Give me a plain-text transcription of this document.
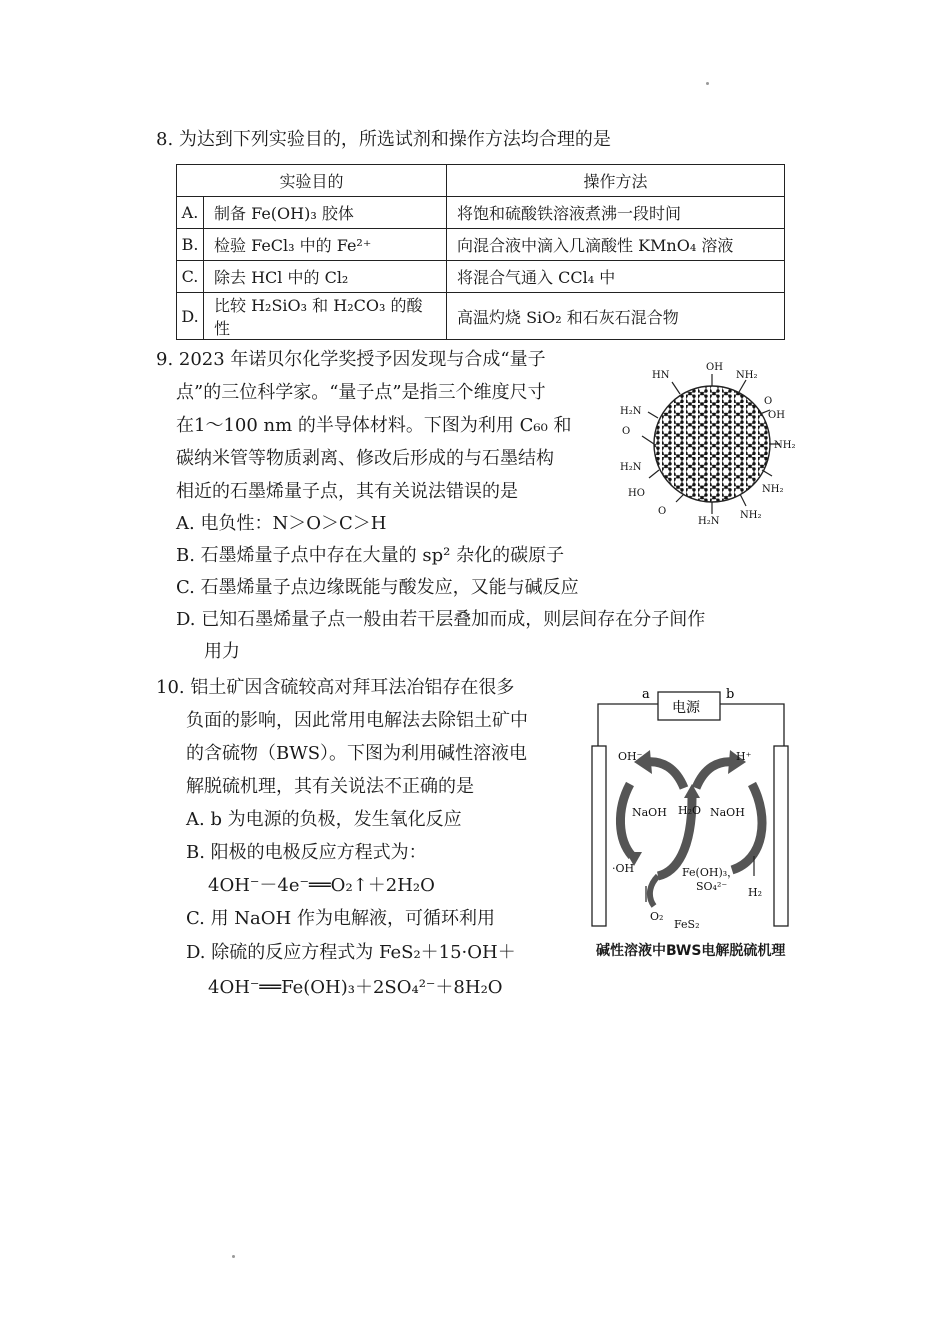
8. 为达到下列实验目的，所选试剂和操作方法均合理的是
实验目的		操作方法
A.	制备 Fe(OH)₃ 胶体	将饱和硫酸铁溶液煮沸一段时间
B.	检验 FeCl₃ 中的 Fe²⁺	向混合液中滴入几滴酸性 KMnO₄ 溶液
C.	除去 HCl 中的 Cl₂	将混合气通入 CCl₄ 中
D.	比较 H₂SiO₃ 和 H₂CO₃ 的酸性	高温灼烧 SiO₂ 和石灰石混合物
9. 2023 年诺贝尔化学奖授予因发现与合成“量子
点”的三位科学家。“量子点”是指三个维度尺寸
在1～100 nm 的半导体材料。下图为利用 C₆₀ 和
碳纳米管等物质剥离、修改后形成的与石墨结构
相近的石墨烯量子点，其有关说法错误的是
A. 电负性：N＞O＞C＞H
B. 石墨烯量子点中存在大量的 sp² 杂化的碳原子
C. 石墨烯量子点边缘既能与酸发应，又能与碱反应
D. 已知石墨烯量子点一般由若干层叠加而成，则层间存在分子间作
用力
OH
NH₂
O
OH
NH₂
NH₂
NH₂
H₂N
O
HO
H₂N
O
H₂N
HN
10. 铝土矿因含硫较高对拜耳法冶铝存在很多
负面的影响，因此常用电解法去除铝土矿中
的含硫物（BWS）。下图为利用碱性溶液电
解脱硫机理，其有关说法不正确的是
A. b 为电源的负极，发生氧化反应
B. 阳极的电极反应方程式为：
4OH⁻－4e⁻══O₂↑＋2H₂O
C. 用 NaOH 作为电解液，可循环利用
D. 除硫的反应方程式为 FeS₂＋15·OH＋
4OH⁻══Fe(OH)₃＋2SO₄²⁻＋8H₂O
电源
a	b
OH⁻	H⁺
NaOH H₂O NaOH
·OH	Fe(OH)₃，
SO₄²⁻ H₂
O₂
FeS₂
碱性溶液中BWS电解脱硫机理
